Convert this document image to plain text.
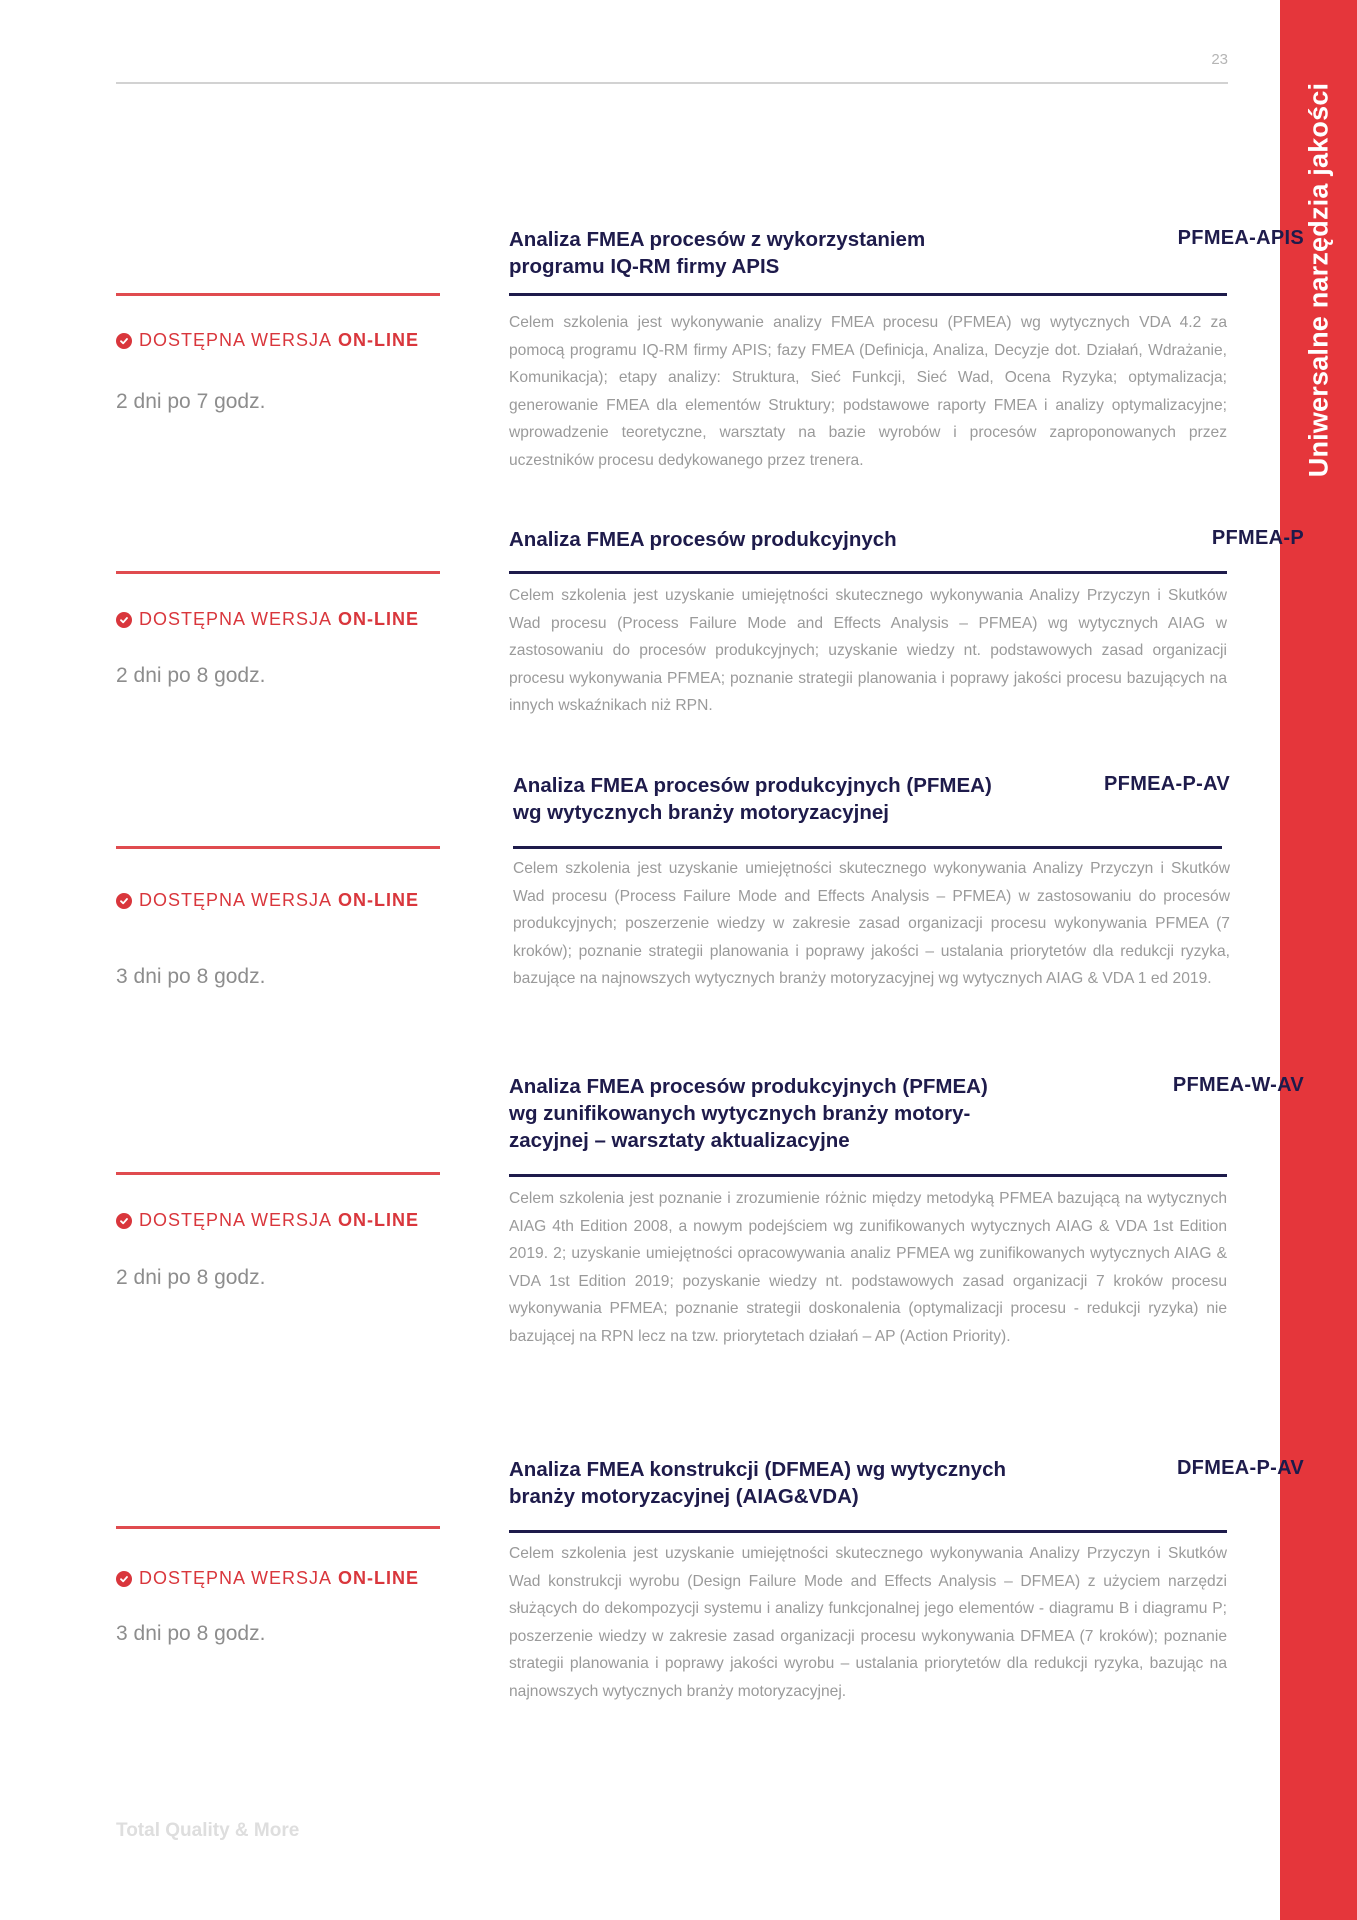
Uniwersalne narzędzia jakości
23
Analiza FMEA procesów z wykorzystaniem
programu IQ-RM firmy APIS
PFMEA-APIS
DOSTĘPNA WERSJA ON-LINE
2 dni po 7 godz.
Celem szkolenia jest wykonywanie analizy FMEA procesu (PFMEA) wg wytycznych VDA 4.2 za pomocą programu IQ-RM firmy APIS; fazy FMEA (Definicja, Analiza, Decyzje dot. Działań, Wdrażanie, Komunikacja); etapy analizy: Struktura, Sieć Funkcji, Sieć Wad, Ocena Ryzyka; optymalizacja; generowanie FMEA dla elementów Struktury; podstawowe raporty FMEA i analizy optymalizacyjne; wprowadzenie teoretyczne, warsztaty na bazie wyrobów i procesów zaproponowanych przez uczestników procesu dedykowanego przez trenera.
Analiza FMEA procesów produkcyjnych	PFMEA-P
DOSTĘPNA WERSJA ON-LINE
2 dni po 8 godz.
Celem szkolenia jest uzyskanie umiejętności skutecznego wykonywania Analizy Przyczyn i Skutków Wad procesu (Process Failure Mode and Effects Analysis – PFMEA) wg wytycznych AIAG w zastosowaniu do procesów produkcyjnych; uzyskanie wiedzy nt. podstawowych zasad organizacji procesu wykonywania PFMEA; poznanie strategii planowania i poprawy jakości procesu bazujących na innych wskaźnikach niż RPN.
Analiza FMEA procesów produkcyjnych (PFMEA)
wg wytycznych branży motoryzacyjnej
PFMEA-P-AV
DOSTĘPNA WERSJA ON-LINE
3 dni po 8 godz.
Celem szkolenia jest uzyskanie umiejętności skutecznego wykonywania Analizy Przyczyn i Skutków Wad procesu (Process Failure Mode and Effects Analysis – PFMEA) w zastosowaniu do procesów produkcyjnych; poszerzenie wiedzy w zakresie zasad organizacji procesu wykonywania PFMEA (7 kroków); poznanie strategii planowania i poprawy jakości – ustalania priorytetów dla redukcji ryzyka, bazujące na najnowszych wytycznych branży motoryzacyjnej wg wytycznych AIAG & VDA 1 ed 2019.
Analiza FMEA procesów produkcyjnych (PFMEA)
wg zunifikowanych wytycznych branży motory-
zacyjnej – warsztaty aktualizacyjne
PFMEA-W-AV
DOSTĘPNA WERSJA ON-LINE
2 dni po 8 godz.
Celem szkolenia jest poznanie i zrozumienie różnic między metodyką PFMEA bazującą na wytycznych AIAG 4th Edition 2008, a nowym podejściem wg zunifikowanych wytycznych AIAG & VDA 1st Edition 2019. 2; uzyskanie umiejętności opracowywania analiz PFMEA wg zunifikowanych wytycznych AIAG & VDA 1st Edition 2019; pozyskanie wiedzy nt. podstawowych zasad organizacji 7 kroków procesu wykonywania PFMEA; poznanie strategii doskonalenia (optymalizacji procesu - redukcji ryzyka) nie bazującej na RPN lecz na tzw. priorytetach działań – AP (Action Priority).
Analiza FMEA konstrukcji (DFMEA) wg wytycznych
branży motoryzacyjnej (AIAG&VDA)
DFMEA-P-AV
DOSTĘPNA WERSJA ON-LINE
3 dni po 8 godz.
Celem szkolenia jest uzyskanie umiejętności skutecznego wykonywania Analizy Przyczyn i Skutków Wad konstrukcji wyrobu (Design Failure Mode and Effects Analysis – DFMEA) z użyciem narzędzi służących do dekompozycji systemu i analizy funkcjonalnej jego elementów - diagramu B i diagramu P; poszerzenie wiedzy w zakresie zasad organizacji procesu wykonywania DFMEA (7 kroków); poznanie strategii planowania i poprawy jakości wyrobu – ustalania priorytetów dla redukcji ryzyka, bazując na najnowszych wytycznych branży motoryzacyjnej.
Total Quality & More
